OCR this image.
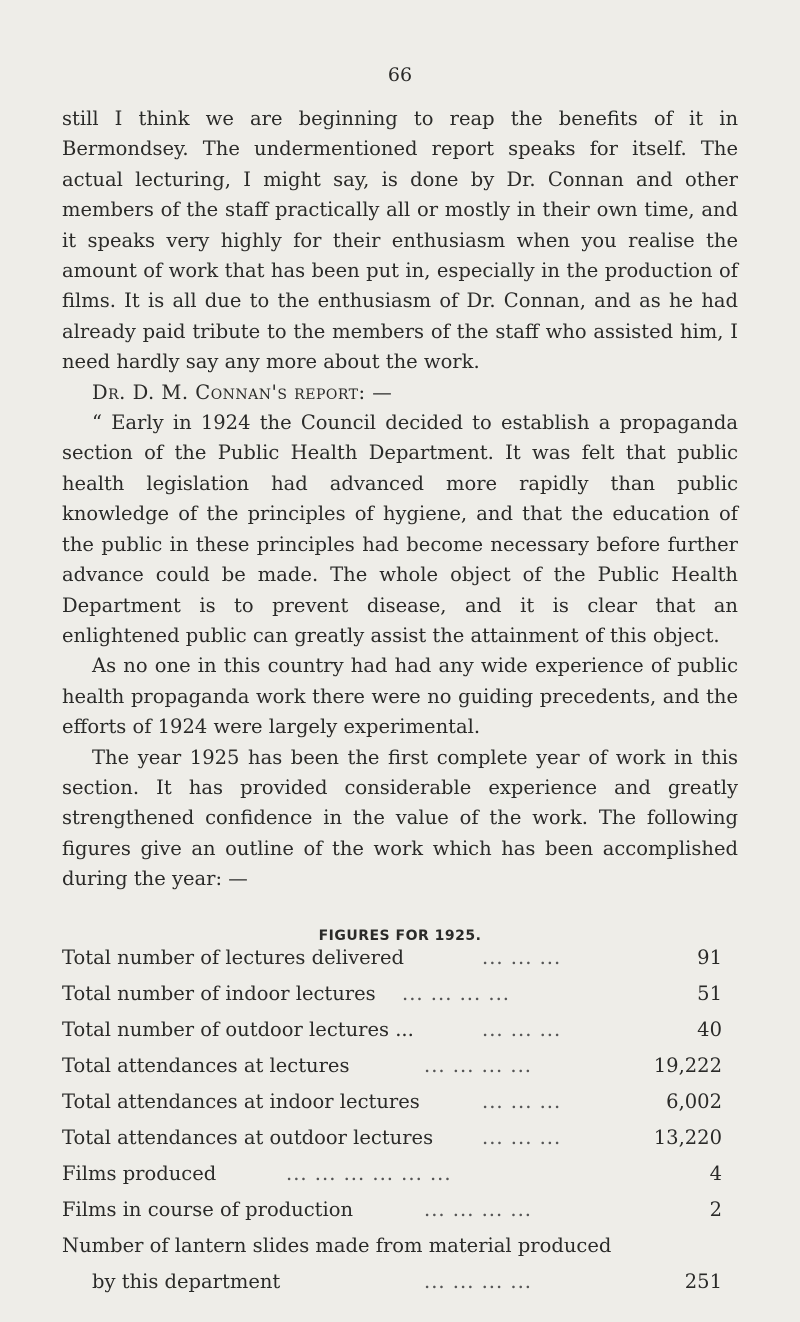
66

still I think we are beginning to reap the benefits of it in Bermondsey. The undermentioned report speaks for itself. The actual lecturing, I might say, is done by Dr. Connan and other members of the staff practically all or mostly in their own time, and it speaks very highly for their enthusiasm when you realise the amount of work that has been put in, especially in the production of films. It is all due to the enthusiasm of Dr. Connan, and as he had already paid tribute to the members of the staff who assisted him, I need hardly say any more about the work.

Dr. D. M. Connan's report: —

“ Early in 1924 the Council decided to establish a propaganda section of the Public Health Department. It was felt that public health legislation had advanced more rapidly than public knowledge of the principles of hygiene, and that the education of the public in these principles had become necessary before further advance could be made. The whole object of the Public Health Department is to prevent disease, and it is clear that an enlightened public can greatly assist the attainment of this object.

As no one in this country had had any wide experience of public health propaganda work there were no guiding precedents, and the efforts of 1924 were largely experimental.

The year 1925 has been the first complete year of work in this section. It has provided considerable experience and greatly strengthened confidence in the value of the work. The following figures give an outline of the work which has been accomplished during the year: —

FIGURES FOR 1925.
Total number of lectures delivered	... ... ...	91
Total number of indoor lectures ... ... ... ...	51
Total number of outdoor lectures ...	... ... ...	40
Total attendances at lectures	... ... ... ...	19,222
Total attendances at indoor lectures	... ... ...	6,002
Total attendances at outdoor lectures	... ... ...	13,220
Films produced	... ... ... ... ... ...	4
Films in course of production	... ... ... ...	2
Number of lantern slides made from material produced
by this department	... ... ... ...	251
